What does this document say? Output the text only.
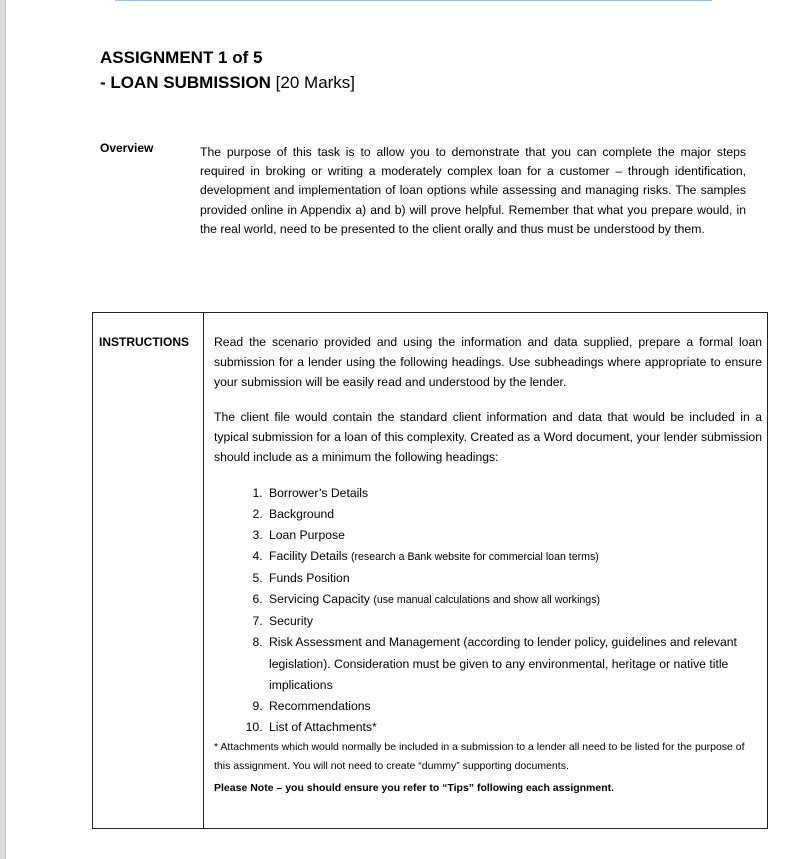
ASSIGNMENT 1 of 5
- LOAN SUBMISSION [20 Marks]
Overview	The purpose of this task is to allow you to demonstrate that you can complete the major steps required in broking or writing a moderately complex loan for a customer – through identification, development and implementation of loan options while assessing and managing risks. The samples provided online in Appendix a) and b) will prove helpful. Remember that what you prepare would, in the real world, need to be presented to the client orally and thus must be understood by them.
INSTRUCTIONS Read the scenario provided and using the information and data supplied, prepare a formal loan submission for a lender using the following headings. Use subheadings where appropriate to ensure your submission will be easily read and understood by the lender.

The client file would contain the standard client information and data that would be included in a typical submission for a loan of this complexity. Created as a Word document, your lender submission should include as a minimum the following headings:

1. Borrower’s Details
2. Background
3. Loan Purpose
4. Facility Details (research a Bank website for commercial loan terms)
5. Funds Position
6. Servicing Capacity (use manual calculations and show all workings)
7. Security
8. Risk Assessment and Management (according to lender policy, guidelines and relevant legislation). Consideration must be given to any environmental, heritage or native title implications
9. Recommendations
10. List of Attachments*
* Attachments which would normally be included in a submission to a lender all need to be listed for the purpose of this assignment. You will not need to create “dummy” supporting documents.
Please Note – you should ensure you refer to “Tips” following each assignment.
